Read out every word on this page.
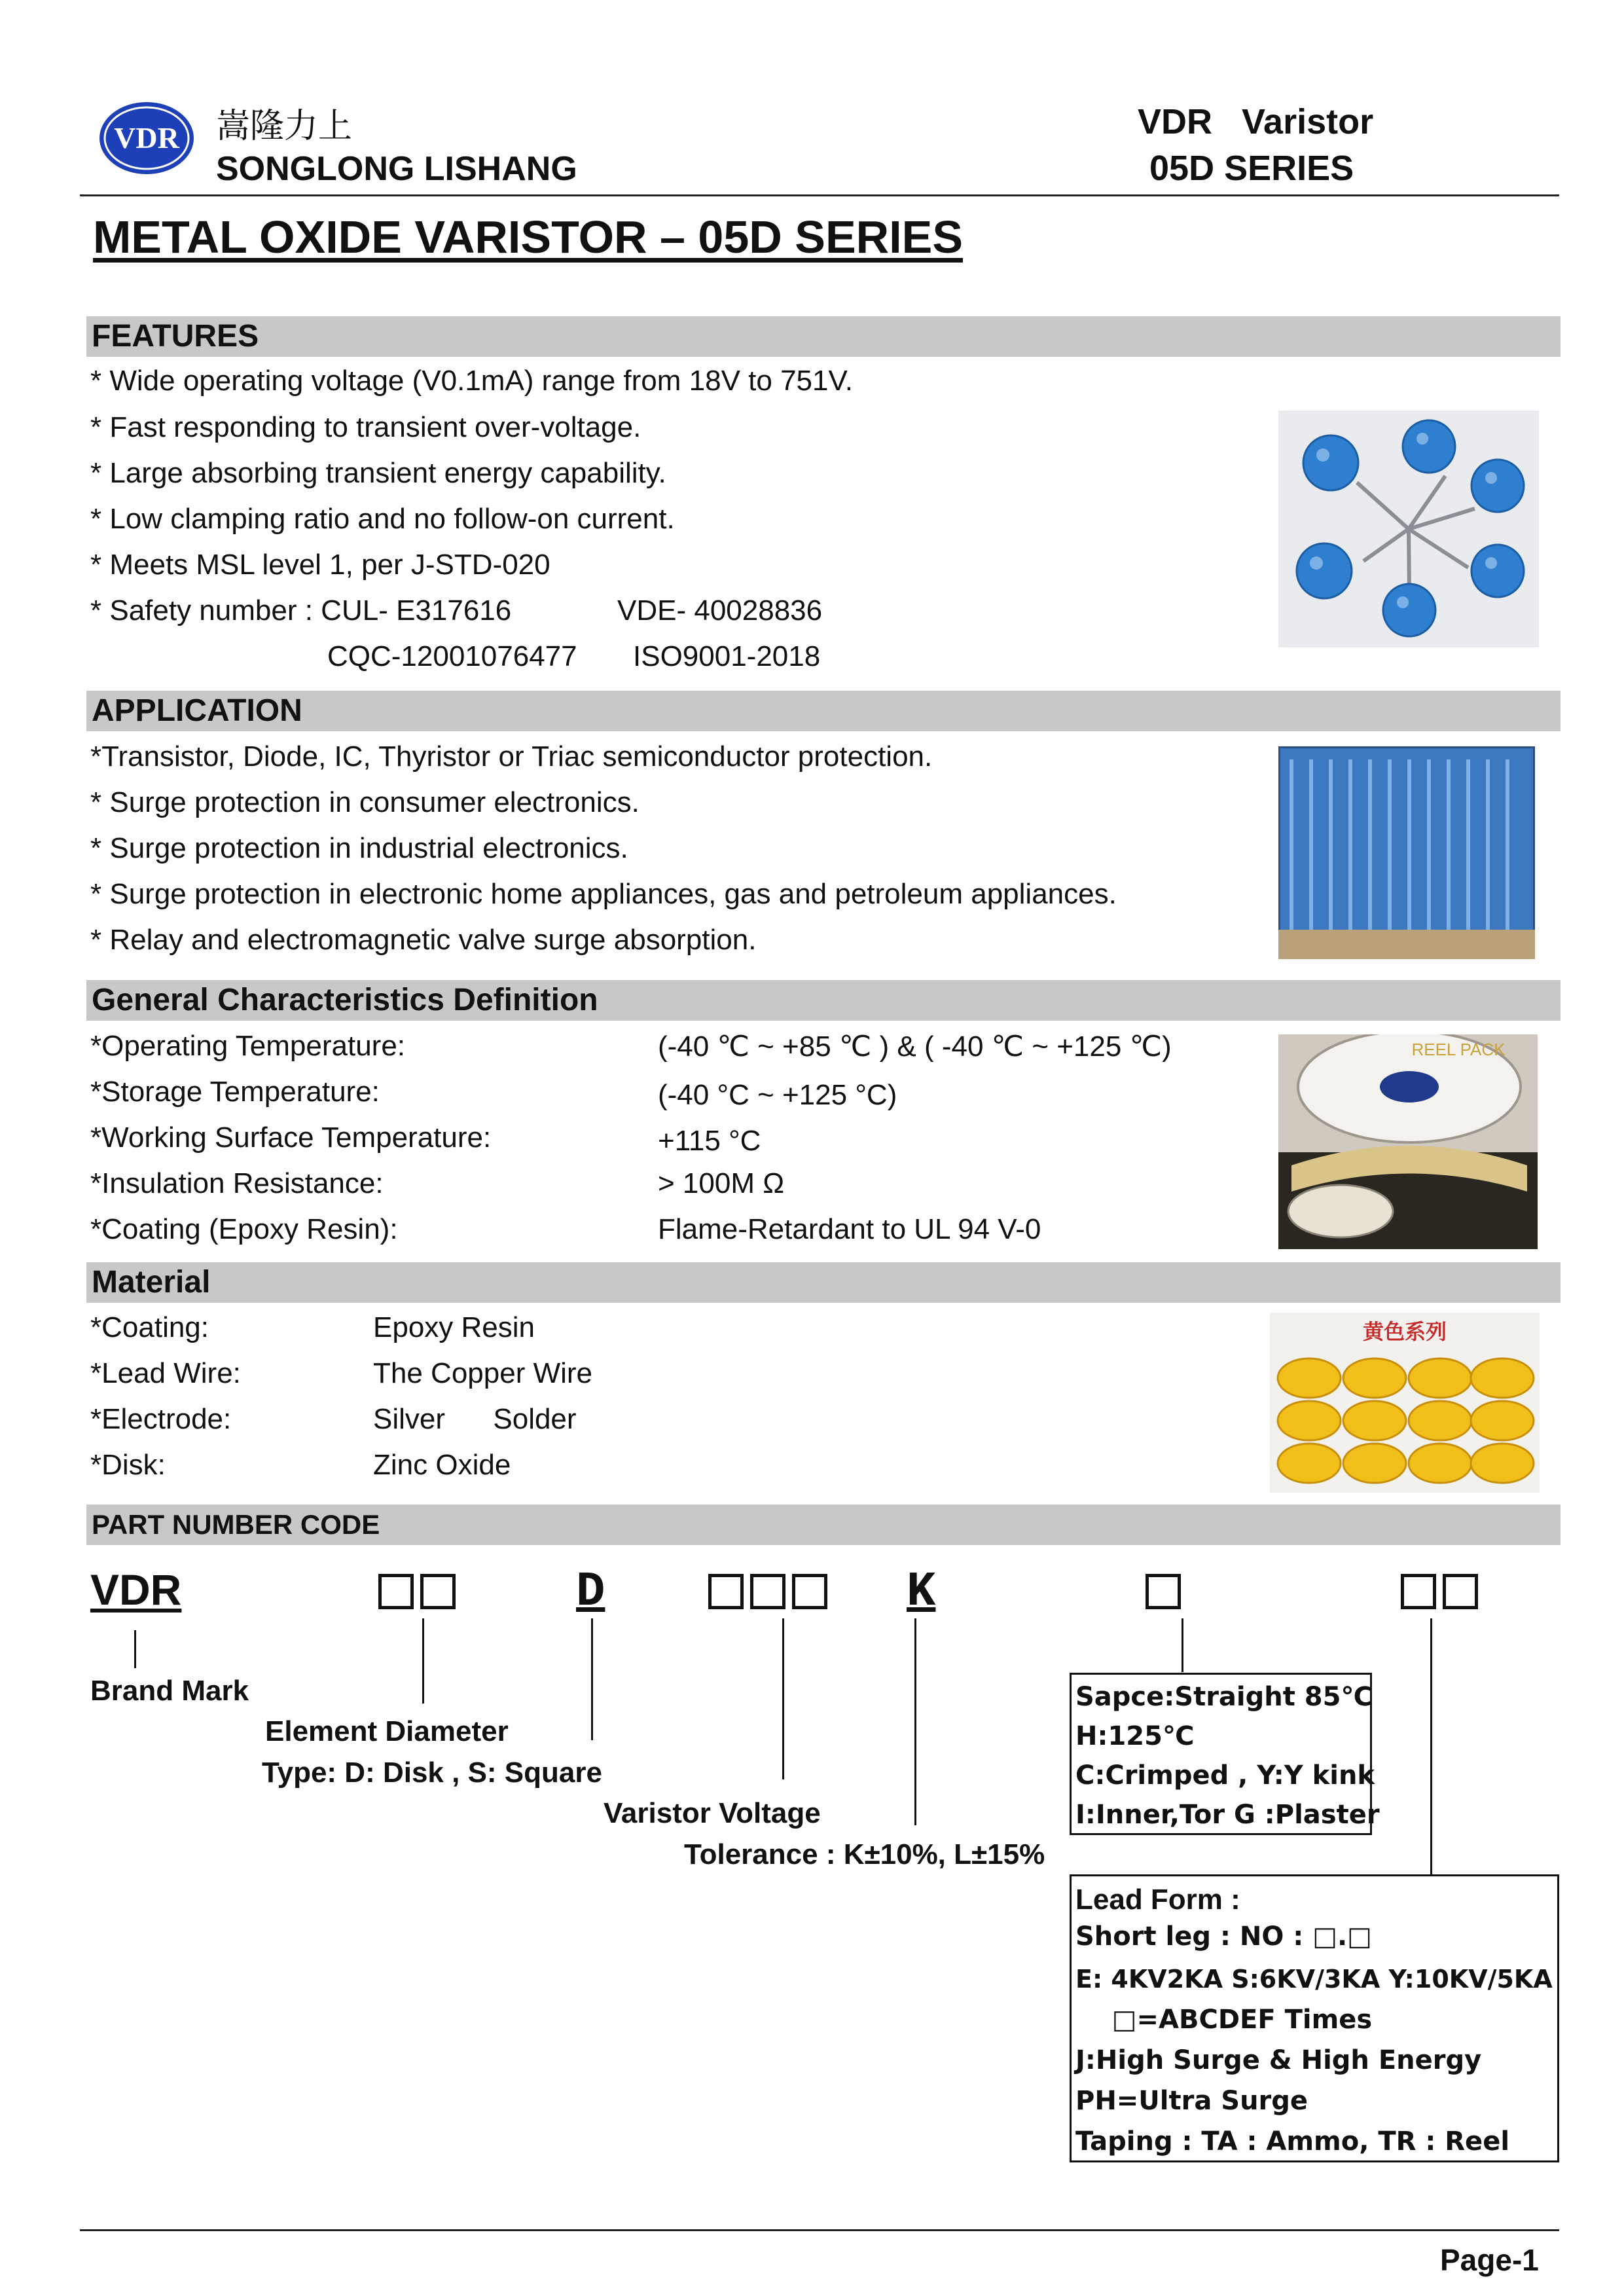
VDR 嵩隆力上
SONGLONG LISHANG
VDR   Varistor
05D SERIES
METAL OXIDE VARISTOR – 05D SERIES
FEATURES
* Wide operating voltage (V0.1mA) range from 18V to 751V.
* Fast responding to transient over-voltage.
* Large absorbing transient energy capability.
* Low clamping ratio and no follow-on current.
* Meets MSL level 1, per J-STD-020
* Safety number : CUL- E317616	VDE- 40028836
CQC-12001076477 ISO9001-2018
APPLICATION
*Transistor, Diode, IC, Thyristor or Triac semiconductor protection.
* Surge protection in consumer electronics.
* Surge protection in industrial electronics.
* Surge protection in electronic home appliances, gas and petroleum appliances.
* Relay and electromagnetic valve surge absorption.
General Characteristics Definition
*Operating Temperature:	(-40 ℃ ~ +85 ℃ ) & ( -40 ℃ ~ +125 ℃)
*Storage Temperature:	(-40 °C ~ +125 °C)
*Working Surface Temperature:	+115 °C
*Insulation Resistance:	> 100M Ω
*Coating (Epoxy Resin):	Flame-Retardant to UL 94 V-0
REEL PACK
Material
*Coating:	Epoxy Resin
*Lead Wire:	The Copper Wire
*Electrode:	Silver      Solder
*Disk:	Zinc Oxide
黄色系列
PART NUMBER CODE
VDR	D	K
Brand Mark
Element Diameter
Type: D: Disk , S: Square
Varistor Voltage
Tolerance : K±10%, L±15%
Sapce:Straight 85℃
H:125℃
C:Crimped , Y:Y kink
I:Inner,Tor G :Plaster
Lead Form :
Short leg : NO : □.□
E: 4KV2KA S:6KV/3KA Y:10KV/5KA
□=ABCDEF Times
J:High Surge & High Energy
PH=Ultra Surge
Taping : TA : Ammo, TR : Reel
Page-1
